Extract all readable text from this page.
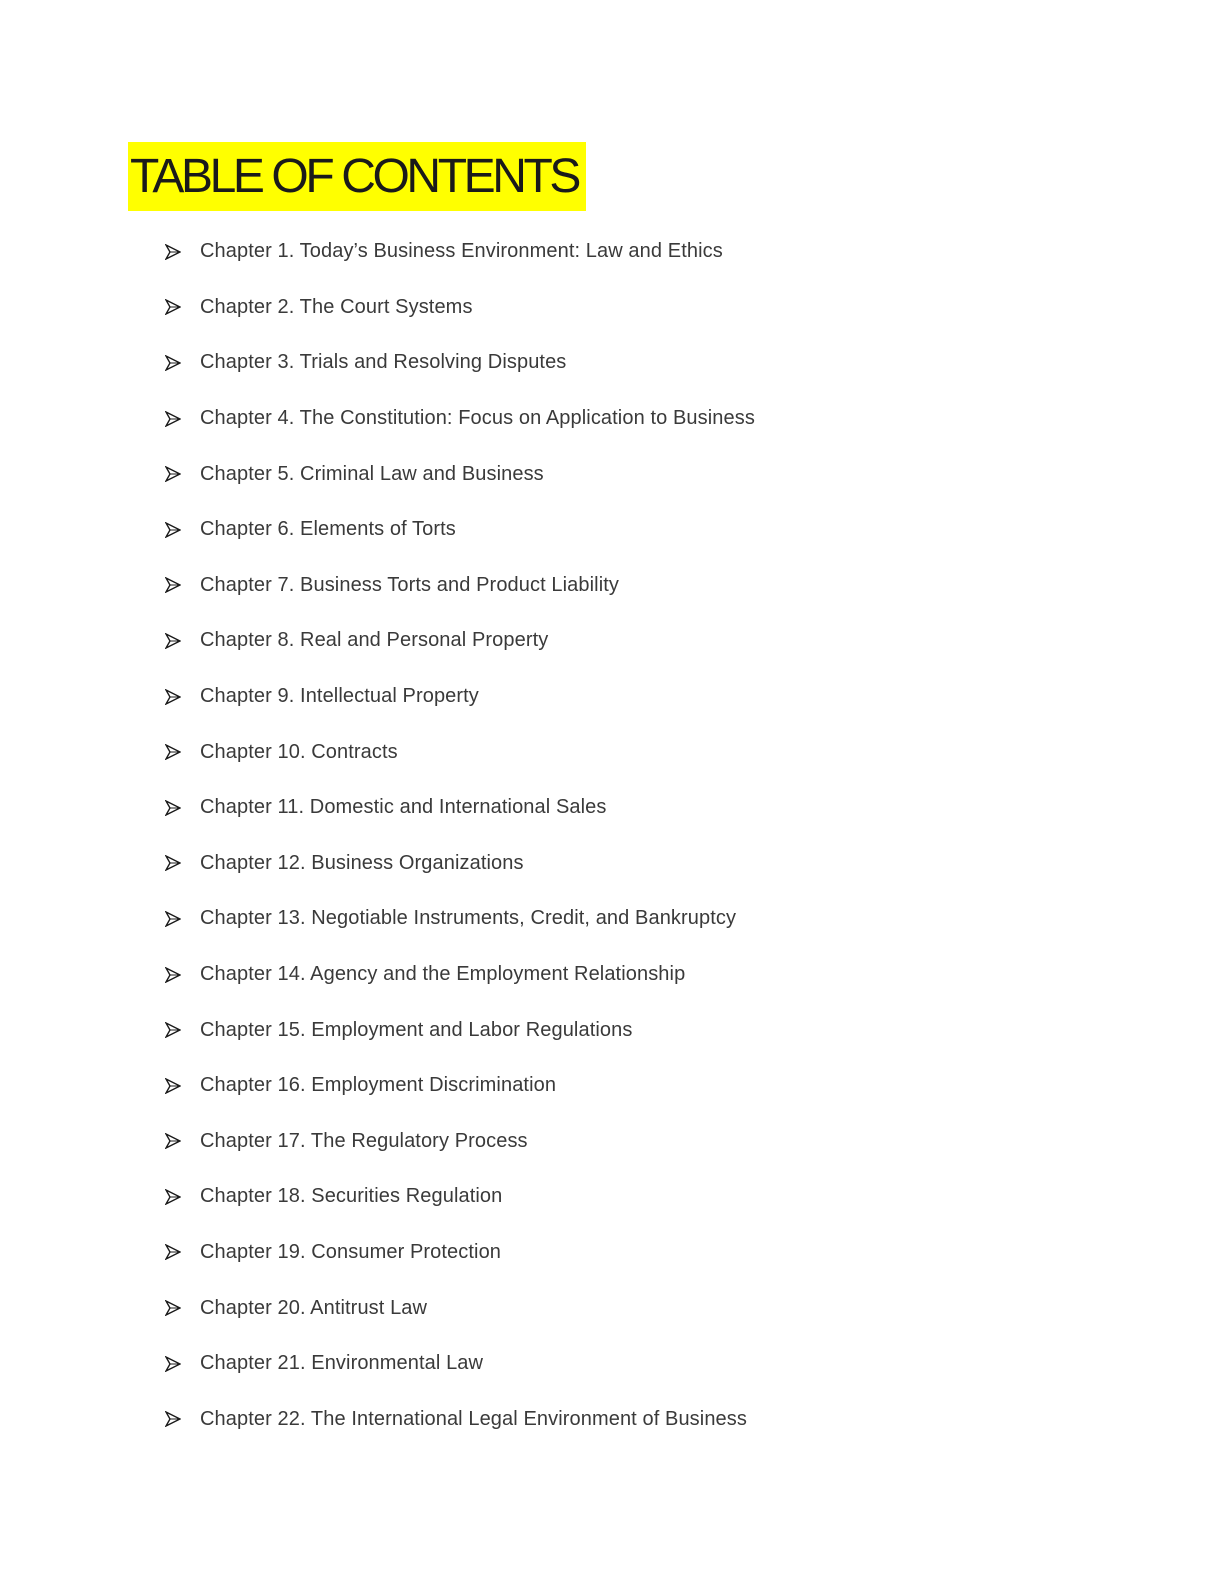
TABLE OF CONTENTS
Chapter 1. Today’s Business Environment: Law and Ethics
Chapter 2. The Court Systems
Chapter 3. Trials and Resolving Disputes
Chapter 4. The Constitution: Focus on Application to Business
Chapter 5. Criminal Law and Business
Chapter 6. Elements of Torts
Chapter 7. Business Torts and Product Liability
Chapter 8. Real and Personal Property
Chapter 9. Intellectual Property
Chapter 10. Contracts
Chapter 11. Domestic and International Sales
Chapter 12. Business Organizations
Chapter 13. Negotiable Instruments, Credit, and Bankruptcy
Chapter 14. Agency and the Employment Relationship
Chapter 15. Employment and Labor Regulations
Chapter 16. Employment Discrimination
Chapter 17. The Regulatory Process
Chapter 18. Securities Regulation
Chapter 19. Consumer Protection
Chapter 20. Antitrust Law
Chapter 21. Environmental Law
Chapter 22. The International Legal Environment of Business
